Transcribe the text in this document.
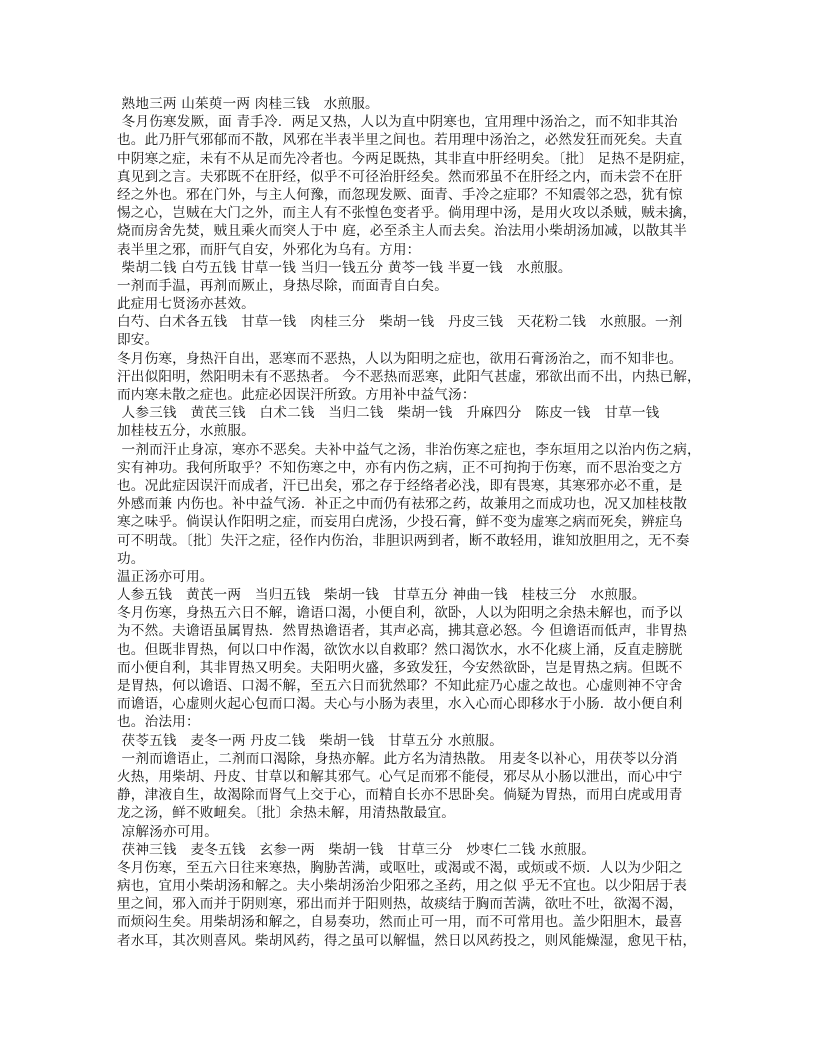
熟地三两 山茱萸一两 肉桂三钱　水煎服。
冬月伤寒发厥，面 青手冷．两足又热，人以为直中阴寒也，宜用理中汤治之，而不知非其治
也。此乃肝气邪郁而不散，风邪在半表半里之间也。若用理中汤治之，必然发狂而死矣。夫直
中阴寒之症，未有不从足而先冷者也。今两足既热，其非直中肝经明矣。〔批〕 足热不是阴症，
真见到之言。夫邪既不在肝经，似乎不可径治肝经矣。然而邪虽不在肝经之内，而未尝不在肝
经之外也。邪在门外，与主人何豫，而忽现发厥、面青、手冷之症耶？不知震邻之恐，犹有惊
惕之心，岂贼在大门之外，而主人有不张惶色变者乎。倘用理中汤，是用火攻以杀贼，贼未擒，
烧而房舍先焚，贼且乘火而突人于中 庭，必至杀主人而去矣。治法用小柴胡汤加减，以散其半
表半里之邪，而肝气自安，外邪化为乌有。方用：
柴胡二钱 白芍五钱 甘草一钱 当归一钱五分 黄芩一钱 半夏一钱　水煎服。
一剂而手温，再剂而厥止，身热尽除，而面青自白矣。
此症用七贤汤亦甚效。
白芍、白术各五钱　甘草一钱　肉桂三分　柴胡一钱　丹皮三钱　天花粉二钱　水煎服。一剂
即安。
冬月伤寒，身热汗自出，恶寒而不恶热，人以为阳明之症也，欲用石膏汤治之，而不知非也。
汗出似阳明，然阳明未有不恶热者。 今不恶热而恶寒，此阳气甚虚，邪欲出而不出，内热已解，
而内寒未散之症也。此症必因误汗所致。方用补中益气汤：
人参三钱　黄芪三钱　白术二钱　当归二钱　柴胡一钱　升麻四分　陈皮一钱　甘草一钱
加桂枝五分，水煎服。
一剂而汗止身凉，寒亦不恶矣。夫补中益气之汤，非治伤寒之症也，李东垣用之以治内伤之病，
实有神功。我何所取乎？不知伤寒之中，亦有内伤之病，正不可拘拘于伤寒，而不思治变之方
也。况此症因误汗而成者，汗已出矣，邪之存于经络者必浅，即有畏寒，其寒邪亦必不重，是
外感而兼 内伤也。补中益气汤．补正之中而仍有祛邪之药，故兼用之而成功也，况又加桂枝散
寒之味乎。倘误认作阳明之症，而妄用白虎汤，少投石膏，鲜不变为虚寒之病而死矣，辨症乌
可不明哉。〔批〕失汗之症，径作内伤治，非胆识两到者，断不敢轻用，谁知放胆用之，无不奏
功。
温正汤亦可用。
人参五钱　黄芪一两　当归五钱　柴胡一钱　甘草五分 神曲一钱　桂枝三分　水煎服。
冬月伤寒，身热五六日不解，谵语口渴，小便自利，欲卧，人以为阳明之余热未解也，而予以
为不然。夫谵语虽属胃热．然胃热谵语者，其声必高，拂其意必怒。今 但谵语而低声，非胃热
也。但既非胃热，何以口中作渴，欲饮水以自救耶？然口渴饮水，水不化痰上涌，反直走膀胱
而小便自利，其非胃热又明矣。夫阳明火盛，多致发狂，今安然欲卧，岂是胃热之病。但既不
是胃热，何以谵语、口渴不解，至五六日而犹然耶？不知此症乃心虚之故也。心虚则神不守舍
而谵语，心虚则火起心包而口渴。夫心与小肠为表里，水入心而心即移水于小肠．故小便自利
也。治法用：
茯苓五钱　麦冬一两 丹皮二钱　柴胡一钱　甘草五分 水煎服。
一剂而谵语止，二剂而口渴除，身热亦解。此方名为清热散。 用麦冬以补心，用茯苓以分消
火热，用柴胡、丹皮、甘草以和解其邪气。心气足而邪不能侵，邪尽从小肠以泄出，而心中宁
静，津液自生，故渴除而肾气上交于心，而精自长亦不思卧矣。倘疑为胃热，而用白虎或用青
龙之汤，鲜不败衄矣。〔批〕余热未解，用清热散最宜。
凉解汤亦可用。
茯神三钱　麦冬五钱　玄参一两　柴胡一钱　甘草三分　炒枣仁二钱 水煎服。
冬月伤寒，至五六日往来寒热，胸胁苦满，或呕吐，或渴或不渴，或烦或不烦．人以为少阳之
病也，宜用小柴胡汤和解之。夫小柴胡汤治少阳邪之圣药，用之似 乎无不宜也。以少阳居于表
里之间，邪入而并于阴则寒，邪出而并于阳则热，故痰结于胸而苦满，欲吐不吐，欲渴不渴，
而烦闷生矣。用柴胡汤和解之，自易奏功，然而止可一用，而不可常用也。盖少阳胆木，最喜
者水耳，其次则喜风。柴胡风药，得之虽可以解愠，然日以风药投之，则风能燥湿，愈见干枯，
